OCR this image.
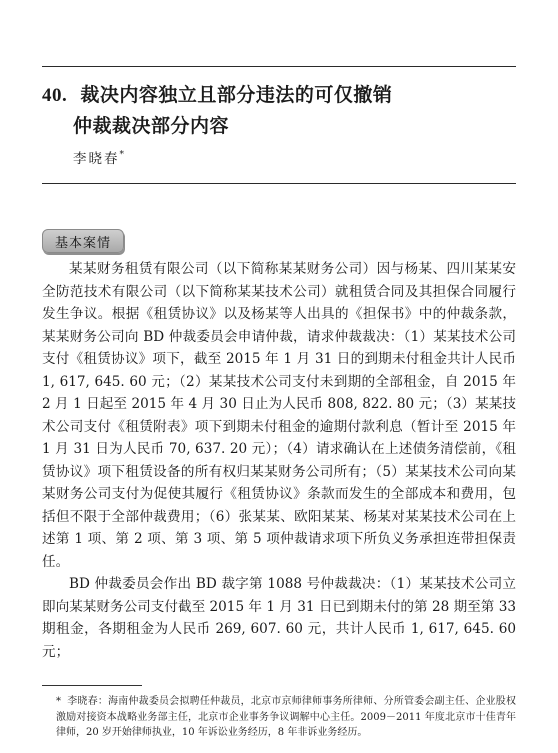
40. 裁决内容独立且部分违法的可仅撤销
仲裁裁决部分内容
李晓春*
基本案情

某某财务租赁有限公司（以下简称某某财务公司）因与杨某、四川某某安全防范技术有限公司（以下简称某某技术公司）就租赁合同及其担保合同履行发生争议。根据《租赁协议》以及杨某等人出具的《担保书》中的仲裁条款，某某财务公司向 BD 仲裁委员会申请仲裁，请求仲裁裁决：（1）某某技术公司支付《租赁协议》项下，截至 2015 年 1 月 31 日的到期未付租金共计人民币 1, 617, 645. 60 元；（2）某某技术公司支付未到期的全部租金，自 2015 年 2 月 1 日起至 2015 年 4 月 30 日止为人民币 808, 822. 80 元；（3）某某技术公司支付《租赁附表》项下到期未付租金的逾期付款利息（暂计至 2015 年 1 月 31 日为人民币 70, 637. 20 元）；（4）请求确认在上述债务清偿前，《租赁协议》项下租赁设备的所有权归某某财务公司所有；（5）某某技术公司向某某财务公司支付为促使其履行《租赁协议》条款而发生的全部成本和费用，包括但不限于全部仲裁费用；（6）张某某、欧阳某某、杨某对某某技术公司在上述第 1 项、第 2 项、第 3 项、第 5 项仲裁请求项下所负义务承担连带担保责任。

BD 仲裁委员会作出 BD 裁字第 1088 号仲裁裁决：（1）某某技术公司立即向某某财务公司支付截至 2015 年 1 月 31 日已到期未付的第 28 期至第 33 期租金，各期租金为人民币 269, 607. 60 元，共计人民币 1, 617, 645. 60 元；

* 李晓春：海南仲裁委员会拟聘任仲裁员，北京市京师律师事务所律师、分所管委会副主任、企业股权激励对接资本战略业务部主任，北京市企业事务争议调解中心主任。2009－2011 年度北京市十佳青年律师，20 岁开始律师执业，10 年诉讼业务经历，8 年非诉业务经历。
